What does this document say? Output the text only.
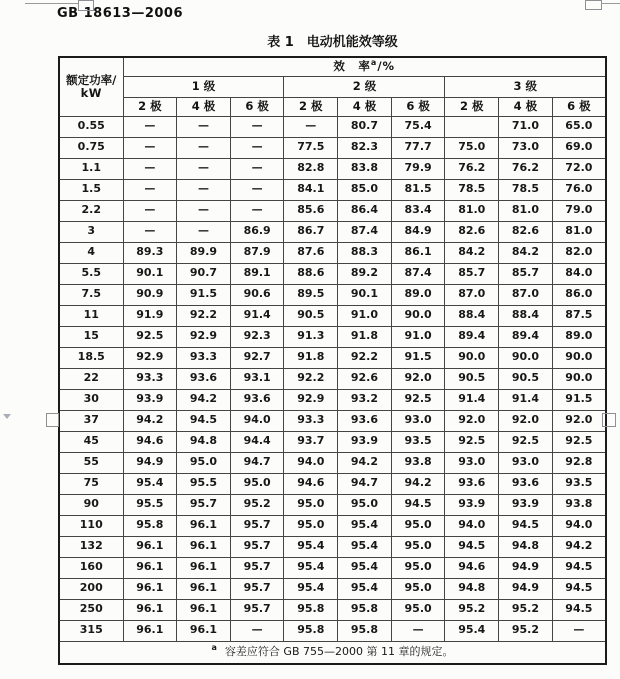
GB 18613—2006
表 1　电动机能效等级
额定功率/
kW	效　率$^a$/%								
	1 级			2 级			3 级		
	2 极	4 极	6 极	2 极	4 极	6 极	2 极	4 极	6 极
0.55	—	—	—	—	80.7	75.4		71.0	65.0
0.75	—	—	—	77.5	82.3	77.7	75.0	73.0	69.0
1.1	—	—	—	82.8	83.8	79.9	76.2	76.2	72.0
1.5	—	—	—	84.1	85.0	81.5	78.5	78.5	76.0
2.2	—	—	—	85.6	86.4	83.4	81.0	81.0	79.0
3	—	—	86.9	86.7	87.4	84.9	82.6	82.6	81.0
4	89.3	89.9	87.9	87.6	88.3	86.1	84.2	84.2	82.0
5.5	90.1	90.7	89.1	88.6	89.2	87.4	85.7	85.7	84.0
7.5	90.9	91.5	90.6	89.5	90.1	89.0	87.0	87.0	86.0
11	91.9	92.2	91.4	90.5	91.0	90.0	88.4	88.4	87.5
15	92.5	92.9	92.3	91.3	91.8	91.0	89.4	89.4	89.0
18.5	92.9	93.3	92.7	91.8	92.2	91.5	90.0	90.0	90.0
22	93.3	93.6	93.1	92.2	92.6	92.0	90.5	90.5	90.0
30	93.9	94.2	93.6	92.9	93.2	92.5	91.4	91.4	91.5
37	94.2	94.5	94.0	93.3	93.6	93.0	92.0	92.0	92.0
45	94.6	94.8	94.4	93.7	93.9	93.5	92.5	92.5	92.5
55	94.9	95.0	94.7	94.0	94.2	93.8	93.0	93.0	92.8
75	95.4	95.5	95.0	94.6	94.7	94.2	93.6	93.6	93.5
90	95.5	95.7	95.2	95.0	95.0	94.5	93.9	93.9	93.8
110	95.8	96.1	95.7	95.0	95.4	95.0	94.0	94.5	94.0
132	96.1	96.1	95.7	95.4	95.4	95.0	94.5	94.8	94.2
160	96.1	96.1	95.7	95.4	95.4	95.0	94.6	94.9	94.5
200	96.1	96.1	95.7	95.4	95.4	95.0	94.8	94.9	94.5
250	96.1	96.1	95.7	95.8	95.8	95.0	95.2	95.2	94.5
315	96.1	96.1	—	95.8	95.8	—	95.4	95.2	—
$^a$ 容差应符合 GB 755—2000 第 11 章的规定。									
